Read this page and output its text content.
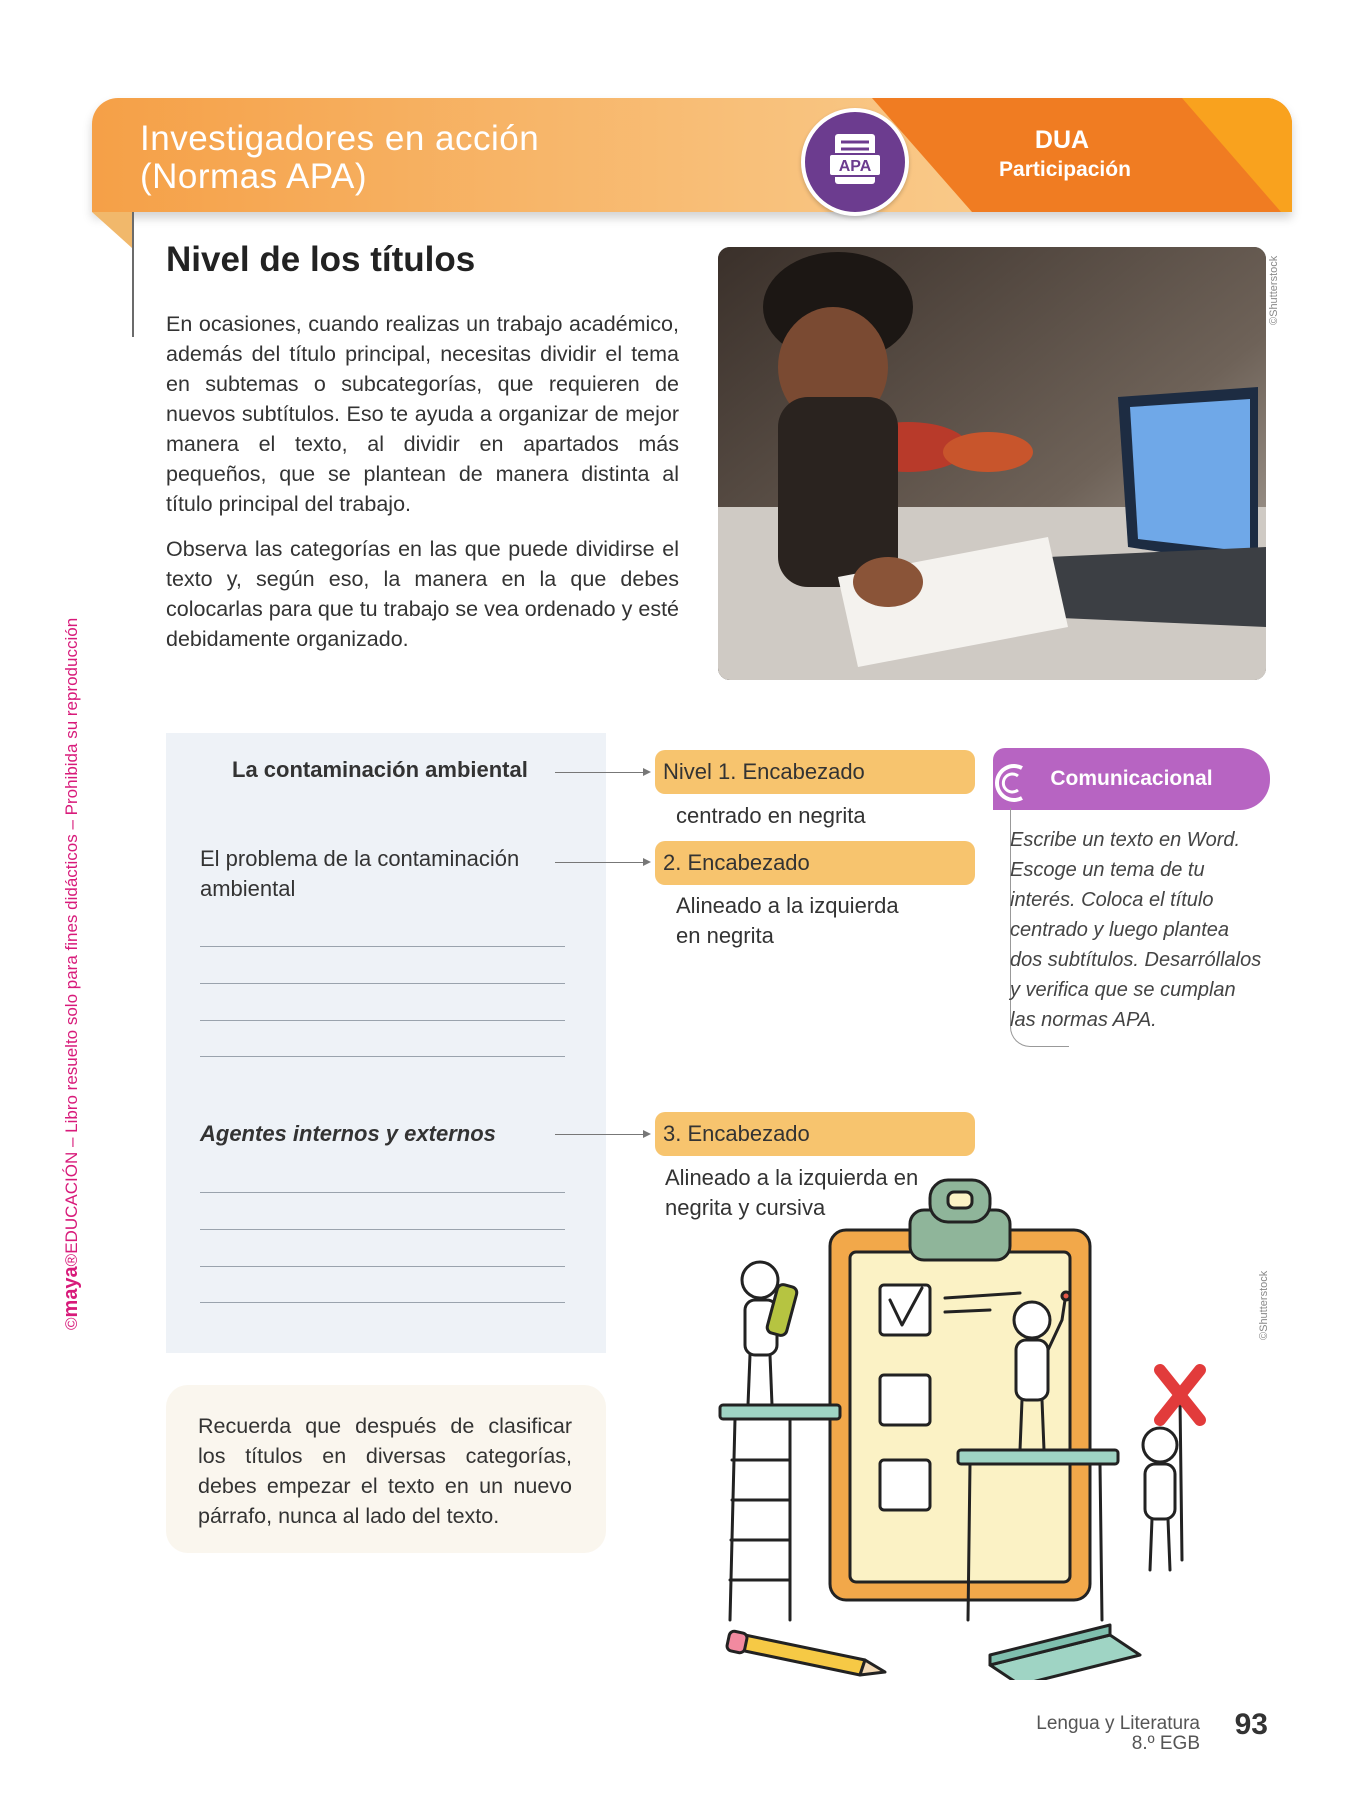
Investigadores en acción
(Normas APA)
DUA
Participación
APA
©maya®EDUCACIÓN – Libro resuelto solo para fines didácticos – Prohibida su reproducción
Nivel de los títulos

En ocasiones, cuando realizas un trabajo académico, además del título principal, necesitas dividir el tema en subtemas o subcategorías, que requieren de nuevos subtítulos. Eso te ayuda a organizar de mejor manera el texto, al dividir en apartados más pequeños, que se plantean de manera distinta al título principal del trabajo.

Observa las categorías en las que puede dividirse el texto y, según eso, la manera en la que debes colocarlas para que tu trabajo se vea ordenado y esté debidamente organizado.

©Shutterstock
La contaminación ambiental
El problema de la contaminación ambiental
Agentes internos y externos
Nivel 1. Encabezado
centrado en negrita
2. Encabezado
Alineado a la izquierda
en negrita
3. Encabezado
Alineado a la izquierda en
negrita y cursiva
Comunicacional
Escribe un texto en Word.
Escoge un tema de tu
interés. Coloca el título
centrado y luego plantea
dos subtítulos. Desarróllalos
y verifica que se cumplan
las normas APA.

Recuerda que después de clasificar los títulos en diversas categorías, debes empezar el texto en un nuevo párrafo, nunca al lado del texto.

©Shutterstock
Lengua y Literatura
8.º EGB
93
